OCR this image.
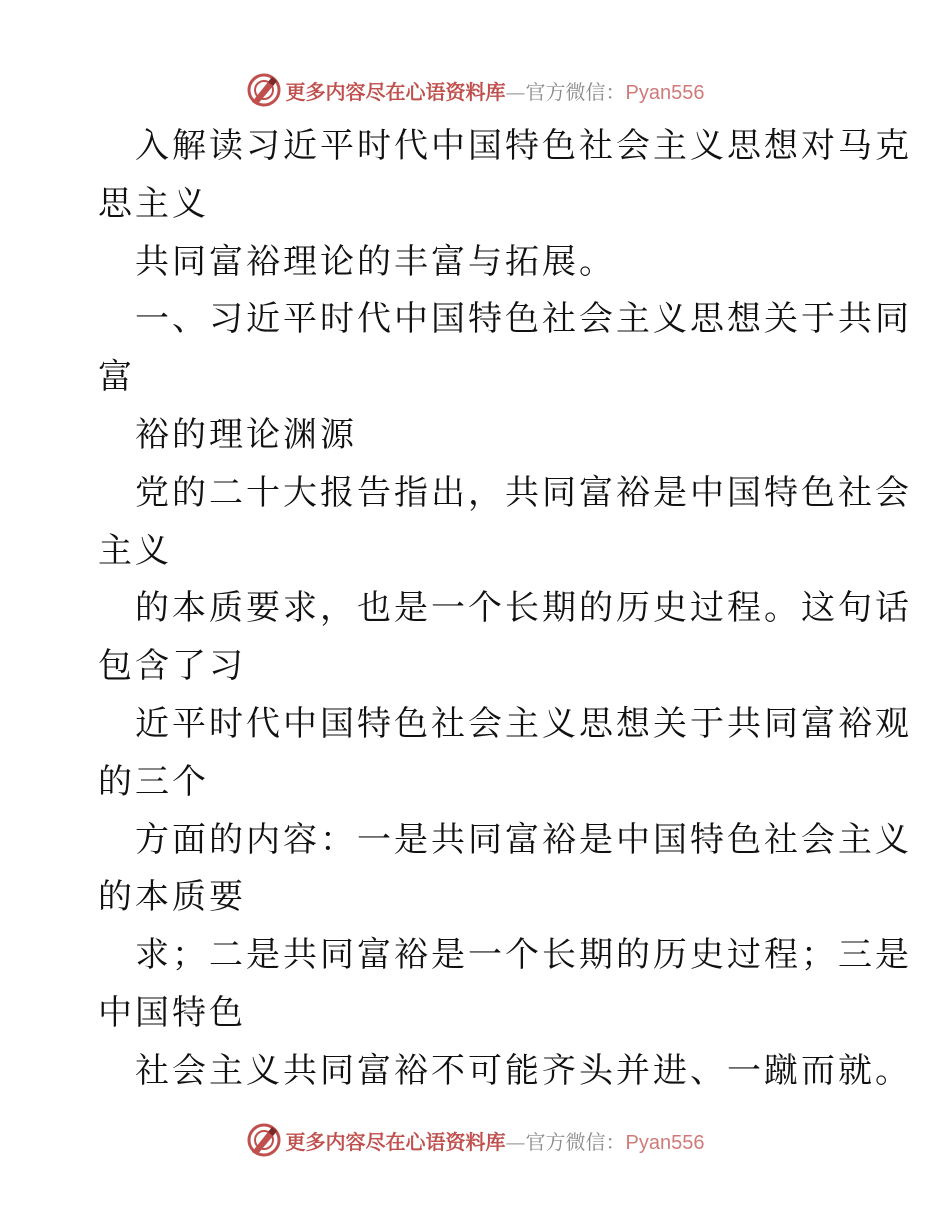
更多内容尽在心语资料库—官方微信：Pyan556
入解读习近平时代中国特色社会主义思想对马克
思主义
共同富裕理论的丰富与拓展。
一、习近平时代中国特色社会主义思想关于共同
富
裕的理论渊源
党的二十大报告指出，共同富裕是中国特色社会
主义
的本质要求，也是一个长期的历史过程。这句话
包含了习
近平时代中国特色社会主义思想关于共同富裕观
的三个
方面的内容：一是共同富裕是中国特色社会主义
的本质要
求；二是共同富裕是一个长期的历史过程；三是
中国特色
社会主义共同富裕不可能齐头并进、一蹴而就。
更多内容尽在心语资料库—官方微信：Pyan556
